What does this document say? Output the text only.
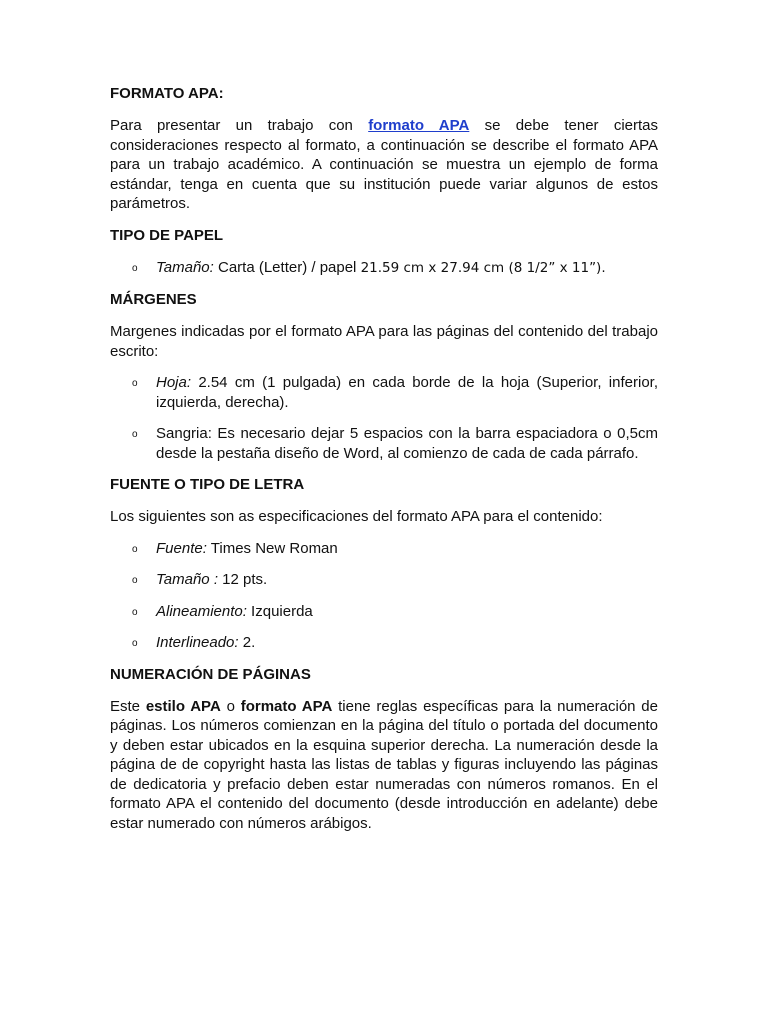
FORMATO APA:

Para presentar un trabajo con formato APA se debe tener ciertas consideraciones respecto al formato, a continuación se describe el formato APA para un trabajo académico. A continuación se muestra un ejemplo de forma estándar, tenga en cuenta que su institución puede variar algunos de estos parámetros.

TIPO DE PAPEL
o Tamaño: Carta (Letter) / papel 21.59 cm x 27.94 cm (8 1/2” x 11”).
MÁRGENES

Margenes indicadas por el formato APA para las páginas del contenido del trabajo escrito:

o Hoja: 2.54 cm (1 pulgada) en cada borde de la hoja (Superior, inferior, izquierda, derecha).
o Sangria: Es necesario dejar 5 espacios con la barra espaciadora o 0,5cm desde la pestaña diseño de Word, al comienzo de cada de cada párrafo.
FUENTE O TIPO DE LETRA

Los siguientes son as especificaciones del formato APA para el contenido:

o Fuente: Times New Roman
o Tamaño : 12 pts.
o Alineamiento: Izquierda
o Interlineado: 2.
NUMERACIÓN DE PÁGINAS

Este estilo APA o formato APA tiene reglas específicas para la numeración de páginas. Los números comienzan en la página del título o portada del documento y deben estar ubicados en la esquina superior derecha. La numeración desde la página de de copyright hasta las listas de tablas y figuras incluyendo las páginas de dedicatoria y prefacio deben estar numeradas con números romanos. En el formato APA el contenido del documento (desde introducción en adelante) debe estar numerado con números arábigos.
